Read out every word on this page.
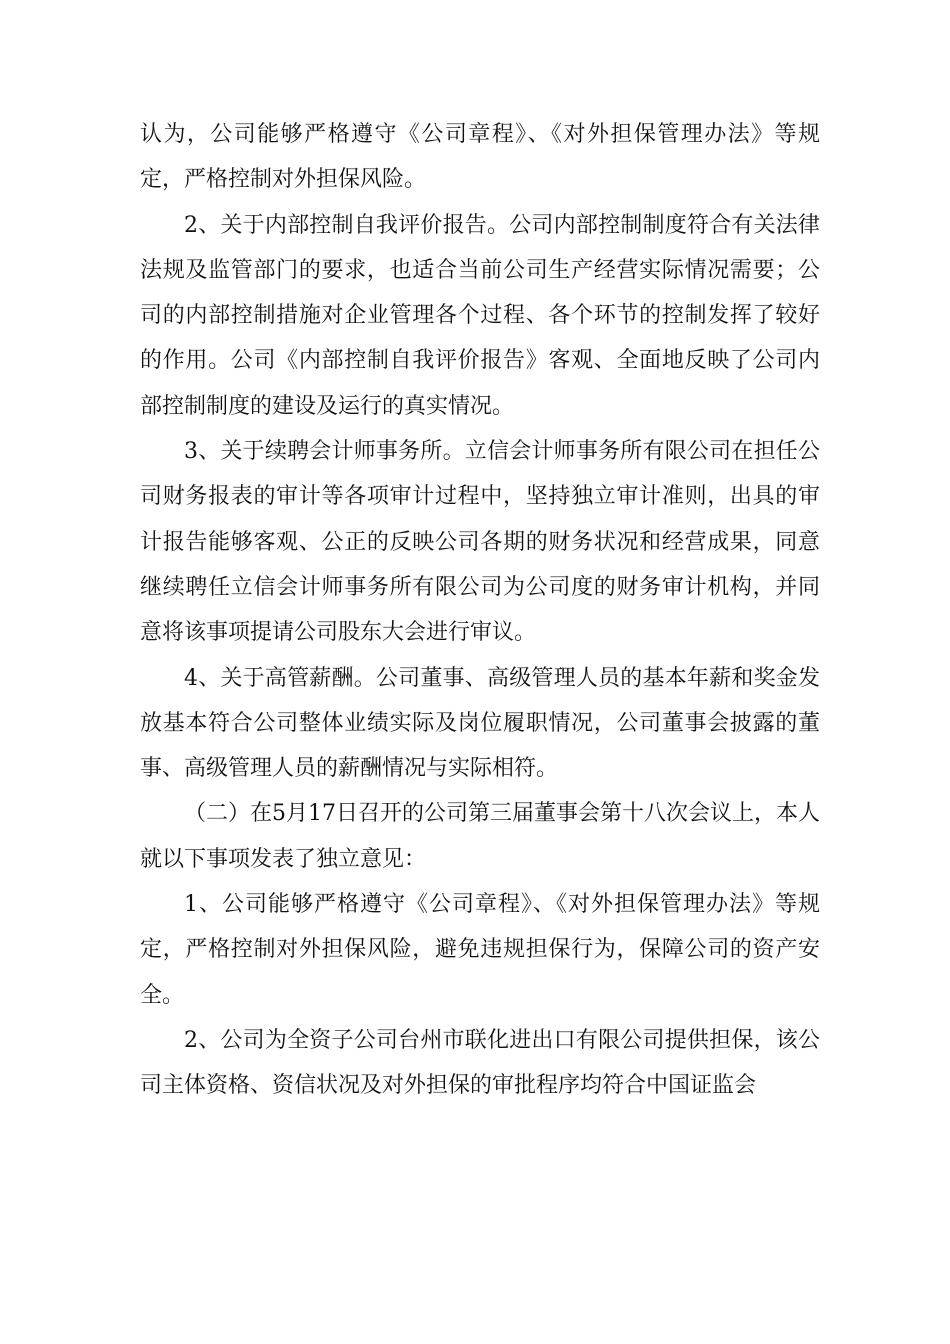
认为，公司能够严格遵守《公司章程》、《对外担保管理办法》等规定，严格控制对外担保风险。

2、关于内部控制自我评价报告。公司内部控制制度符合有关法律法规及监管部门的要求，也适合当前公司生产经营实际情况需要；公司的内部控制措施对企业管理各个过程、各个环节的控制发挥了较好的作用。公司《内部控制自我评价报告》客观、全面地反映了公司内部控制制度的建设及运行的真实情况。

3、关于续聘会计师事务所。立信会计师事务所有限公司在担任公司财务报表的审计等各项审计过程中，坚持独立审计准则，出具的审计报告能够客观、公正的反映公司各期的财务状况和经营成果，同意继续聘任立信会计师事务所有限公司为公司度的财务审计机构，并同意将该事项提请公司股东大会进行审议。

4、关于高管薪酬。公司董事、高级管理人员的基本年薪和奖金发放基本符合公司整体业绩实际及岗位履职情况，公司董事会披露的董事、高级管理人员的薪酬情况与实际相符。

（二）在5月17日召开的公司第三届董事会第十八次会议上，本人就以下事项发表了独立意见：

1、公司能够严格遵守《公司章程》、《对外担保管理办法》等规定，严格控制对外担保风险，避免违规担保行为，保障公司的资产安全。

2、公司为全资子公司台州市联化进出口有限公司提供担保，该公司主体资格、资信状况及对外担保的审批程序均符合中国证监会
